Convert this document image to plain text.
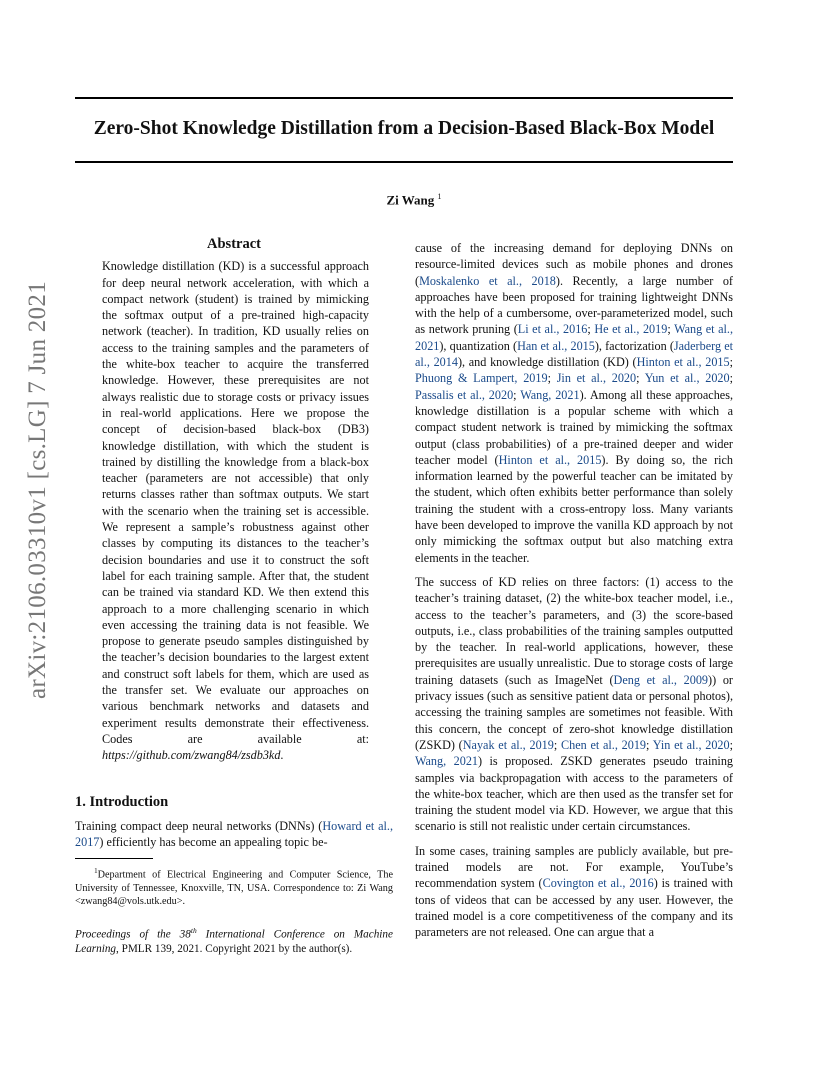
Zero-Shot Knowledge Distillation from a Decision-Based Black-Box Model
Zi Wang $^1$
arXiv:2106.03310v1 [cs.LG] 7 Jun 2021
Abstract

Knowledge distillation (KD) is a successful approach for deep neural network acceleration, with which a compact network (student) is trained by mimicking the softmax output of a pre-trained high-capacity network (teacher). In tradition, KD usually relies on access to the training samples and the parameters of the white-box teacher to acquire the transferred knowledge. However, these prerequisites are not always realistic due to storage costs or privacy issues in real-world applications. Here we propose the concept of decision-based black-box (DB3) knowledge distillation, with which the student is trained by distilling the knowledge from a black-box teacher (parameters are not accessible) that only returns classes rather than softmax outputs. We start with the scenario when the training set is accessible. We represent a sample’s robustness against other classes by computing its distances to the teacher’s decision boundaries and use it to construct the soft label for each training sample. After that, the student can be trained via standard KD. We then extend this approach to a more challenging scenario in which even accessing the training data is not feasible. We propose to generate pseudo samples distinguished by the teacher’s decision boundaries to the largest extent and construct soft labels for them, which are used as the transfer set. We evaluate our approaches on various benchmark networks and datasets and experiment results demonstrate their effectiveness. Codes are available at: https://github.com/zwang84/zsdb3kd.

1. Introduction

Training compact deep neural networks (DNNs) (Howard et al., 2017) efficiently has become an appealing topic be-

$^1$Department of Electrical Engineering and Computer Science, The University of Tennessee, Knoxville, TN, USA. Correspondence to: Zi Wang <zwang84@vols.utk.edu>.

Proceedings of the 38th International Conference on Machine Learning, PMLR 139, 2021. Copyright 2021 by the author(s).

cause of the increasing demand for deploying DNNs on resource-limited devices such as mobile phones and drones (Moskalenko et al., 2018). Recently, a large number of approaches have been proposed for training lightweight DNNs with the help of a cumbersome, over-parameterized model, such as network pruning (Li et al., 2016; He et al., 2019; Wang et al., 2021), quantization (Han et al., 2015), factorization (Jaderberg et al., 2014), and knowledge distillation (KD) (Hinton et al., 2015; Phuong & Lampert, 2019; Jin et al., 2020; Yun et al., 2020; Passalis et al., 2020; Wang, 2021). Among all these approaches, knowledge distillation is a popular scheme with which a compact student network is trained by mimicking the softmax output (class probabilities) of a pre-trained deeper and wider teacher model (Hinton et al., 2015). By doing so, the rich information learned by the powerful teacher can be imitated by the student, which often exhibits better performance than solely training the student with a cross-entropy loss. Many variants have been developed to improve the vanilla KD approach by not only mimicking the softmax output but also matching extra elements in the teacher.

The success of KD relies on three factors: (1) access to the teacher’s training dataset, (2) the white-box teacher model, i.e., access to the teacher’s parameters, and (3) the score-based outputs, i.e., class probabilities of the training samples outputted by the teacher. In real-world applications, however, these prerequisites are usually unrealistic. Due to storage costs of large training datasets (such as ImageNet (Deng et al., 2009)) or privacy issues (such as sensitive patient data or personal photos), accessing the training samples are sometimes not feasible. With this concern, the concept of zero-shot knowledge distillation (ZSKD) (Nayak et al., 2019; Chen et al., 2019; Yin et al., 2020; Wang, 2021) is proposed. ZSKD generates pseudo training samples via backpropagation with access to the parameters of the white-box teacher, which are then used as the transfer set for training the student model via KD. However, we argue that this scenario is still not realistic under certain circumstances.

In some cases, training samples are publicly available, but pre-trained models are not. For example, YouTube’s recommendation system (Covington et al., 2016) is trained with tons of videos that can be accessed by any user. However, the trained model is a core competitiveness of the company and its parameters are not released. One can argue that a
